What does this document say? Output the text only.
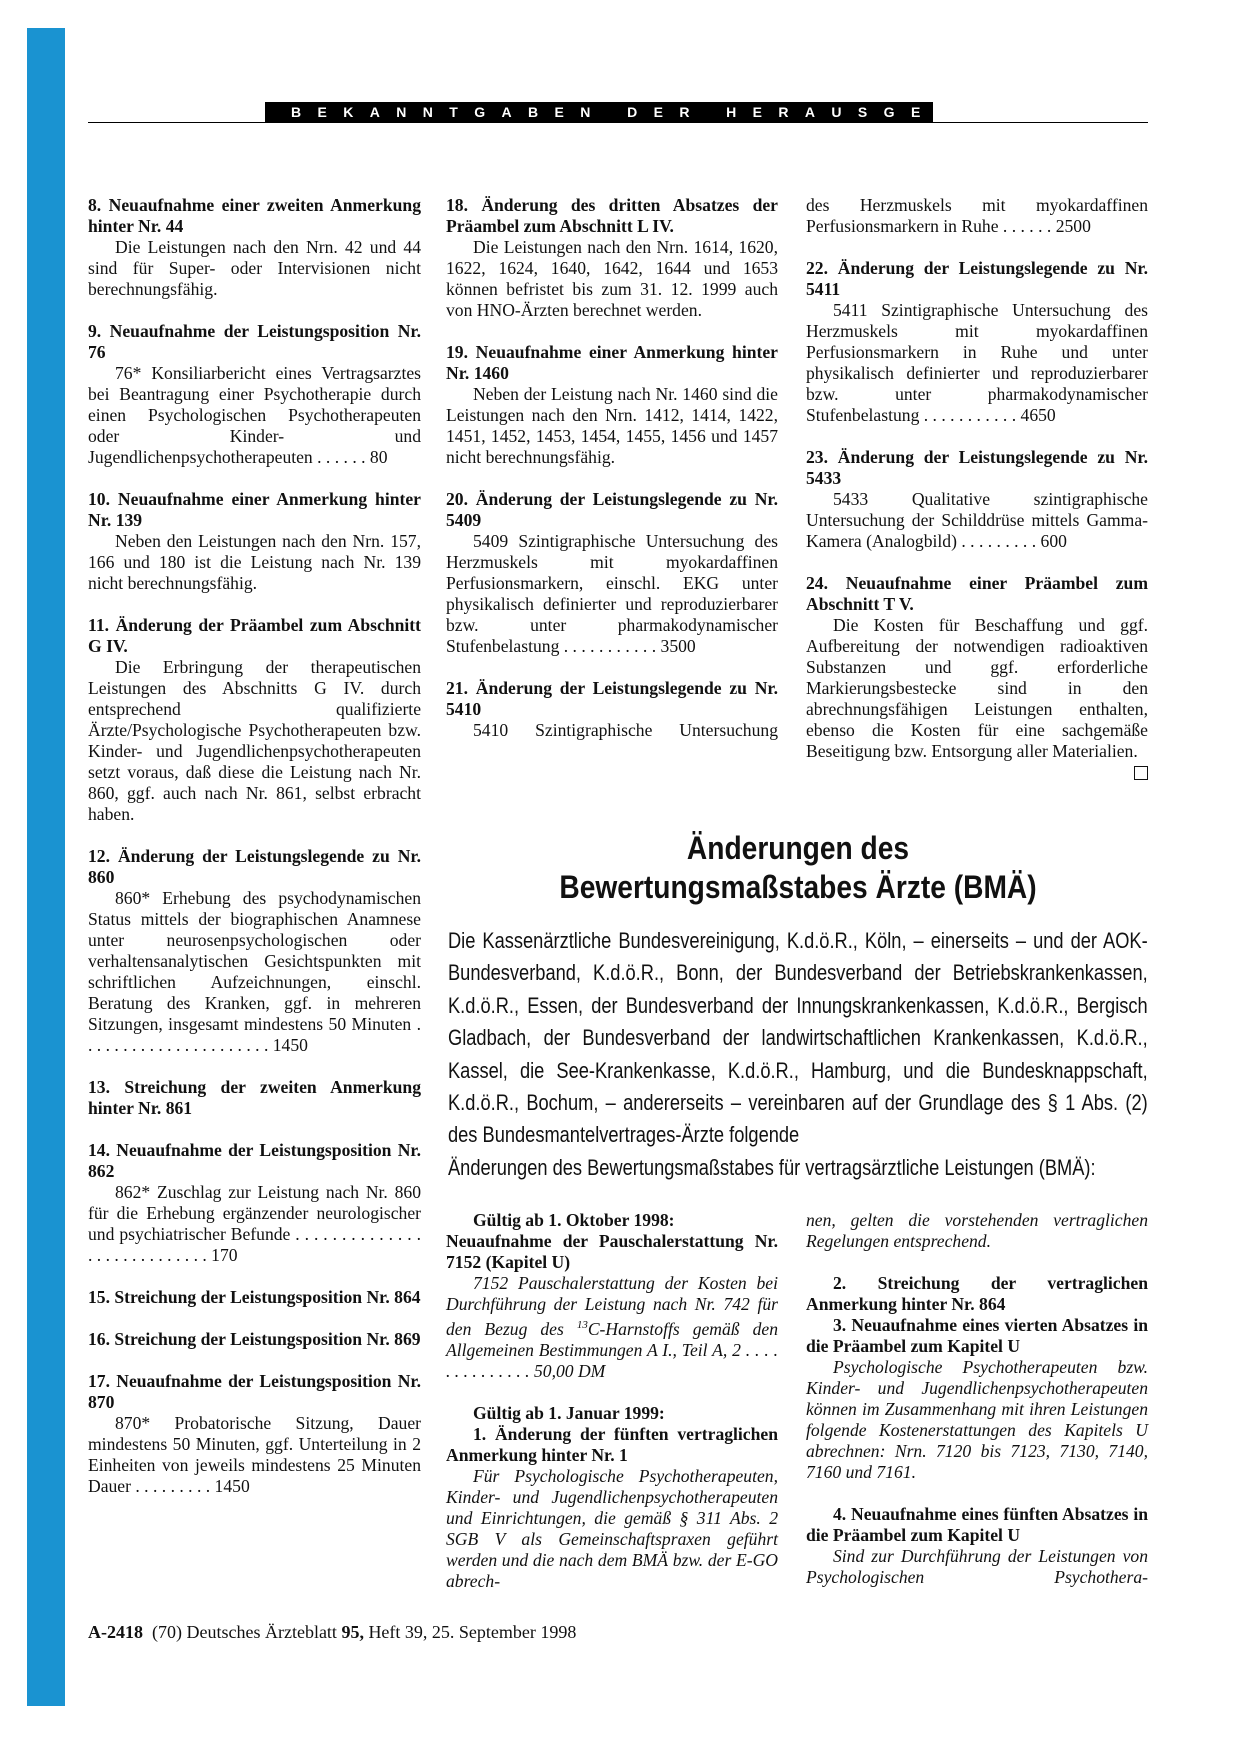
BEKANNTGABEN DER HERAUSGEBER

8. Neuaufnahme einer zweiten Anmerkung hinter Nr. 44

Die Leistungen nach den Nrn. 42 und 44 sind für Super- oder Intervisionen nicht berechnungsfähig.

9. Neuaufnahme der Leistungsposition Nr. 76

76* Konsiliarbericht eines Vertragsarztes bei Beantragung einer Psychotherapie durch einen Psychologischen Psychotherapeuten oder Kinder- und Jugendlichenpsychotherapeuten . . . . . . 80

10. Neuaufnahme einer Anmerkung hinter Nr. 139

Neben den Leistungen nach den Nrn. 157, 166 und 180 ist die Leistung nach Nr. 139 nicht berechnungsfähig.

11. Änderung der Präambel zum Abschnitt G IV.

Die Erbringung der therapeutischen Leistungen des Abschnitts G IV. durch entsprechend qualifizierte Ärzte/Psychologische Psychotherapeuten bzw. Kinder- und Jugendlichenpsychotherapeuten setzt voraus, daß diese die Leistung nach Nr. 860, ggf. auch nach Nr. 861, selbst erbracht haben.

12. Änderung der Leistungslegende zu Nr. 860

860* Erhebung des psychodynamischen Status mittels der biographischen Anamnese unter neurosenpsychologischen oder verhaltensanalytischen Gesichtspunkten mit schriftlichen Aufzeichnungen, einschl. Beratung des Kranken, ggf. in mehreren Sitzungen, insgesamt mindestens 50 Minuten . . . . . . . . . . . . . . . . . . . . . . 1450

13. Streichung der zweiten Anmerkung hinter Nr. 861

14. Neuaufnahme der Leistungsposition Nr. 862

862* Zuschlag zur Leistung nach Nr. 860 für die Erhebung ergänzender neurologischer und psychiatrischer Befunde . . . . . . . . . . . . . . . . . . . . . . . . . . . . 170

15. Streichung der Leistungsposition Nr. 864

16. Streichung der Leistungsposition Nr. 869

17. Neuaufnahme der Leistungsposition Nr. 870

870* Probatorische Sitzung, Dauer mindestens 50 Minuten, ggf. Unterteilung in 2 Einheiten von jeweils mindestens 25 Minuten Dauer . . . . . . . . . 1450

18. Änderung des dritten Absatzes der Präambel zum Abschnitt L IV.

Die Leistungen nach den Nrn. 1614, 1620, 1622, 1624, 1640, 1642, 1644 und 1653 können befristet bis zum 31. 12. 1999 auch von HNO-Ärzten berechnet werden.

19. Neuaufnahme einer Anmerkung hinter Nr. 1460

Neben der Leistung nach Nr. 1460 sind die Leistungen nach den Nrn. 1412, 1414, 1422, 1451, 1452, 1453, 1454, 1455, 1456 und 1457 nicht berechnungsfähig.

20. Änderung der Leistungslegende zu Nr. 5409

5409 Szintigraphische Untersuchung des Herzmuskels mit myokardaffinen Perfusionsmarkern, einschl. EKG unter physikalisch definierter und reproduzierbarer bzw. unter pharmakodynamischer Stufenbelastung . . . . . . . . . . . 3500

21. Änderung der Leistungslegende zu Nr. 5410

5410 Szintigraphische Untersuchung

des Herzmuskels mit myokardaffinen Perfusionsmarkern in Ruhe . . . . . . 2500

22. Änderung der Leistungslegende zu Nr. 5411

5411 Szintigraphische Untersuchung des Herzmuskels mit myokardaffinen Perfusionsmarkern in Ruhe und unter physikalisch definierter und reproduzierbarer bzw. unter pharmakodynamischer Stufenbelastung . . . . . . . . . . . 4650

23. Änderung der Leistungslegende zu Nr. 5433

5433 Qualitative szintigraphische Untersuchung der Schilddrüse mittels Gamma-Kamera (Analogbild) . . . . . . . . . 600

24. Neuaufnahme einer Präambel zum Abschnitt T V.

Die Kosten für Beschaffung und ggf. Aufbereitung der notwendigen radioaktiven Substanzen und ggf. erforderliche Markierungsbestecke sind in den abrechnungsfähigen Leistungen enthalten, ebenso die Kosten für eine sachgemäße Beseitigung bzw. Entsorgung aller Materialien.

Änderungen des
Bewertungsmaßstabes Ärzte (BMÄ)
Die Kassenärztliche Bundesvereinigung, K.d.ö.R., Köln, – einerseits – und der AOK-Bundesverband, K.d.ö.R., Bonn, der Bundesverband der Betriebskrankenkassen, K.d.ö.R., Essen, der Bundesverband der Innungskrankenkassen, K.d.ö.R., Bergisch Gladbach, der Bundesverband der landwirtschaftlichen Krankenkassen, K.d.ö.R., Kassel, die See-Krankenkasse, K.d.ö.R., Hamburg, und die Bundesknappschaft, K.d.ö.R., Bochum, – andererseits – vereinbaren auf der Grundlage des § 1 Abs. (2) des Bundesmantelvertrages-Ärzte folgende
Änderungen des Bewertungsmaßstabes für vertragsärztliche Leistungen (BMÄ):

Gültig ab 1. Oktober 1998:

Neuaufnahme der Pauschalerstattung Nr. 7152 (Kapitel U)

7152 Pauschalerstattung der Kosten bei Durchführung der Leistung nach Nr. 742 für den Bezug des $^{13}$C-Harnstoffs gemäß den Allgemeinen Bestimmungen A I., Teil A, 2 . . . . . . . . . . . . . . 50,00 DM

Gültig ab 1. Januar 1999:

1. Änderung der fünften vertraglichen Anmerkung hinter Nr. 1

Für Psychologische Psychotherapeuten, Kinder- und Jugendlichenpsychotherapeuten und Einrichtungen, die gemäß § 311 Abs. 2 SGB V als Gemeinschaftspraxen geführt werden und die nach dem BMÄ bzw. der E-GO abrech-

nen, gelten die vorstehenden vertraglichen Regelungen entsprechend.

2. Streichung der vertraglichen Anmerkung hinter Nr. 864

3. Neuaufnahme eines vierten Absatzes in die Präambel zum Kapitel U

Psychologische Psychotherapeuten bzw. Kinder- und Jugendlichenpsychotherapeuten können im Zusammenhang mit ihren Leistungen folgende Kostenerstattungen des Kapitels U abrechnen: Nrn. 7120 bis 7123, 7130, 7140, 7160 und 7161.

4. Neuaufnahme eines fünften Absatzes in die Präambel zum Kapitel U

Sind zur Durchführung der Leistungen von Psychologischen Psychothera-

A-2418 (70) Deutsches Ärzteblatt 95, Heft 39, 25. September 1998
